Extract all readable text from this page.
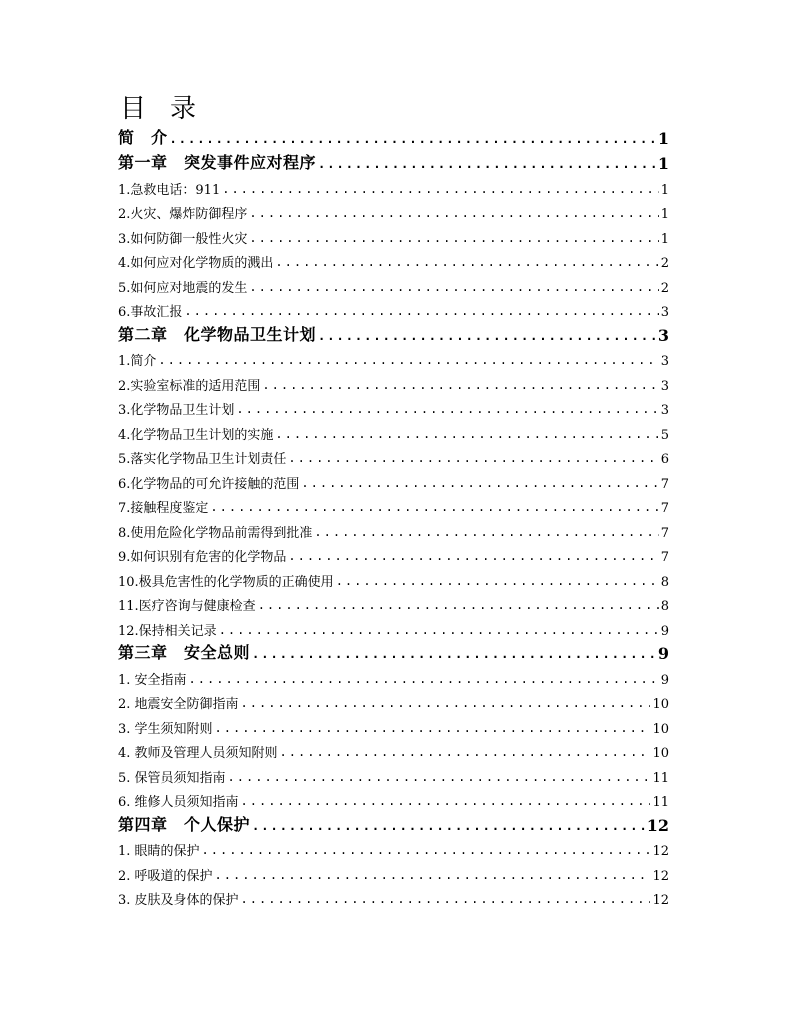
目 录
简　介 .....	1
第一章　突发事件应对程序 .....	1
1.急救电话：911 .....	1
2.火灾、爆炸防御程序 .....	1
3.如何防御一般性火灾 .....	1
4.如何应对化学物质的溅出 .....	2
5.如何应对地震的发生 .....	2
6.事故汇报 .....	3
第二章　化学物品卫生计划 .....	3
1.简介 .....	3
2.实验室标准的适用范围 .....	3
3.化学物品卫生计划 .....	3
4.化学物品卫生计划的实施 .....	5
5.落实化学物品卫生计划责任 .....	6
6.化学物品的可允许接触的范围 .....	7
7.接触程度鉴定 .....	7
8.使用危险化学物品前需得到批准 .....	7
9.如何识别有危害的化学物品 .....	7
10.极具危害性的化学物质的正确使用 .....	8
11.医疗咨询与健康检查 .....	8
12.保持相关记录 .....	9
第三章　安全总则 .....	9
1. 安全指南 .....	9
2. 地震安全防御指南 .....	10
3. 学生须知附则 .....	10
4. 教师及管理人员须知附则 .....	10
5. 保管员须知指南 .....	11
6. 维修人员须知指南 .....	11
第四章　个人保护 .....	12
1. 眼睛的保护 .....	12
2. 呼吸道的保护 .....	12
3. 皮肤及身体的保护 .....	12
